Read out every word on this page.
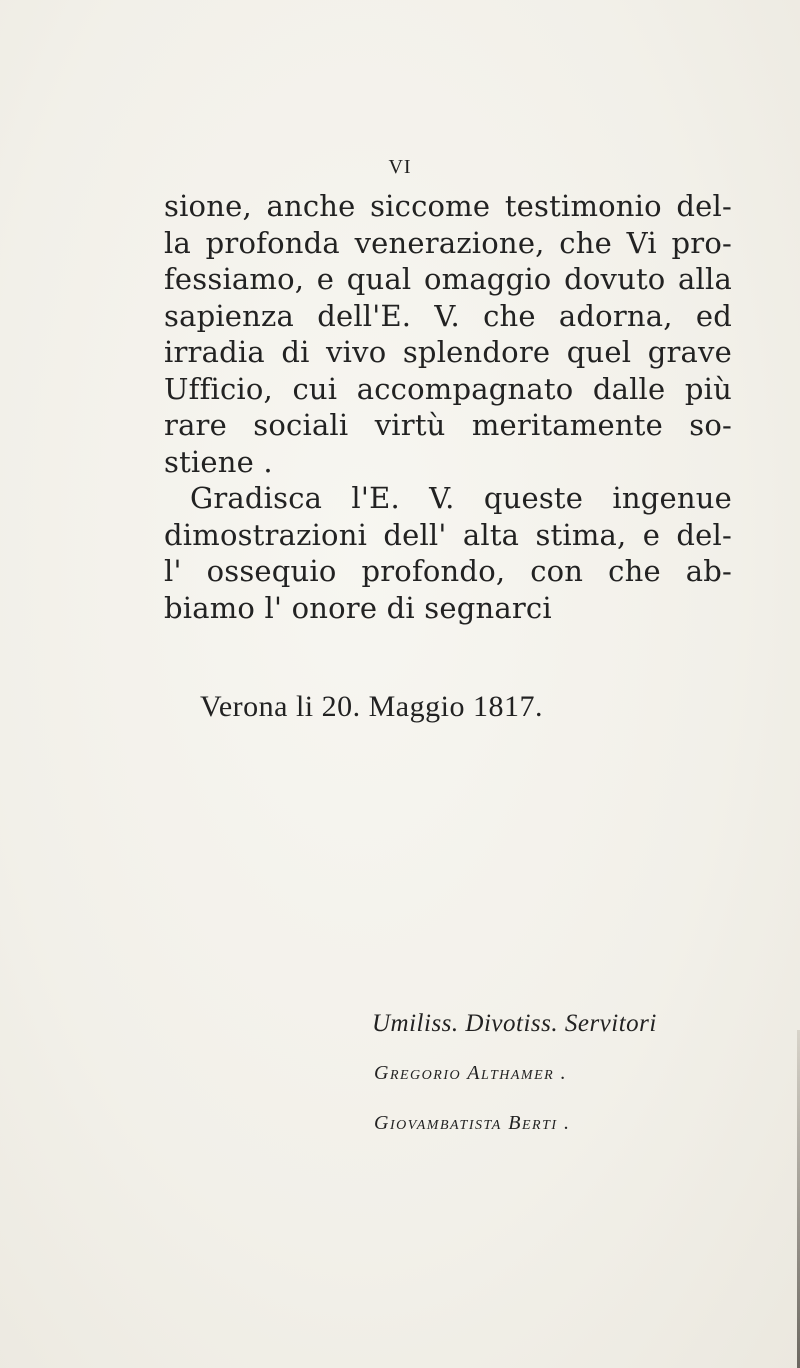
VI
sione, anche siccome testimonio del-
la profonda venerazione, che Vi pro-
fessiamo, e qual omaggio dovuto alla
sapienza dell'E. V. che adorna, ed
irradia di vivo splendore quel grave
Ufficio, cui accompagnato dalle più
rare sociali virtù meritamente so-
stiene .
Gradisca l'E. V. queste ingenue
dimostrazioni dell' alta stima, e del-
l' ossequio profondo, con che ab-
biamo l' onore di segnarci
Verona li 20. Maggio 1817.
Umiliss. Divotiss. Servitori
Gregorio Althamer .
Giovambatista Berti .
